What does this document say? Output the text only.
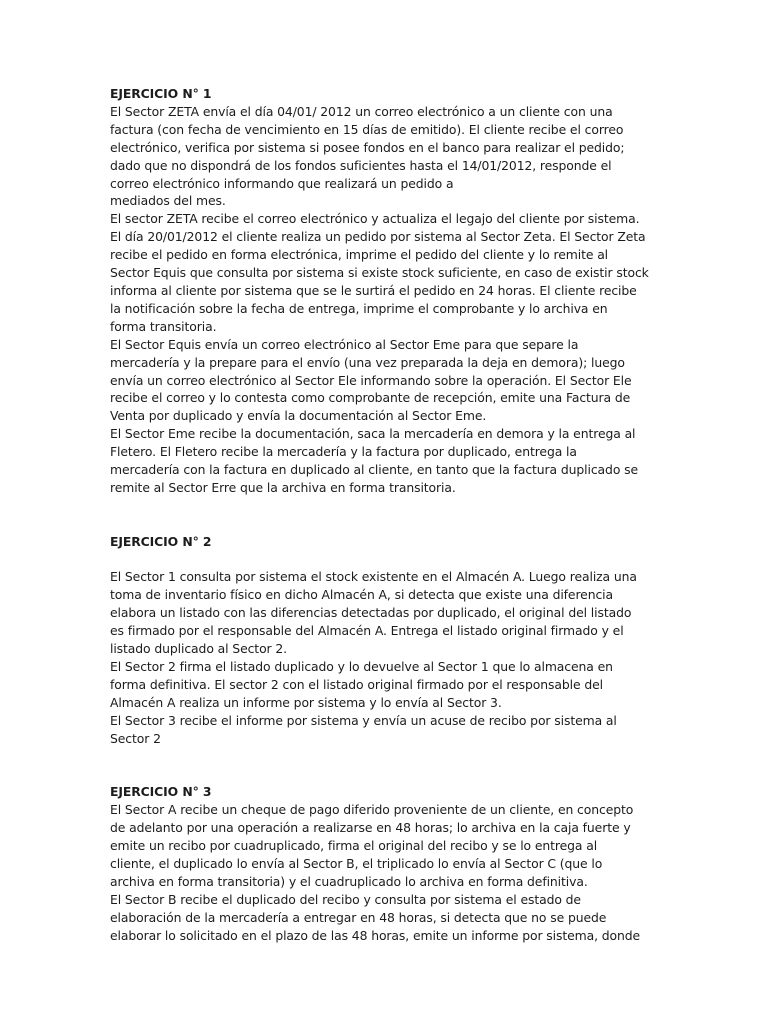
EJERCICIO N° 1

El Sector ZETA envía el día 04/01/ 2012 un correo electrónico a un cliente con una

factura (con fecha de vencimiento en 15 días de emitido). El cliente recibe el correo

electrónico, verifica por sistema si posee fondos en el banco para realizar el pedido;

dado que no dispondrá de los fondos suficientes hasta el 14/01/2012, responde el

correo electrónico informando que realizará un pedido a

mediados del mes.

El sector ZETA recibe el correo electrónico y actualiza el legajo del cliente por sistema.

El día 20/01/2012 el cliente realiza un pedido por sistema al Sector Zeta. El Sector Zeta

recibe el pedido en forma electrónica, imprime el pedido del cliente y lo remite al

Sector Equis que consulta por sistema si existe stock suficiente, en caso de existir stock

informa al cliente por sistema que se le surtirá el pedido en 24 horas. El cliente recibe

la notificación sobre la fecha de entrega, imprime el comprobante y lo archiva en

forma transitoria.

El Sector Equis envía un correo electrónico al Sector Eme para que separe la

mercadería y la prepare para el envío (una vez preparada la deja en demora); luego

envía un correo electrónico al Sector Ele informando sobre la operación. El Sector Ele

recibe el correo y lo contesta como comprobante de recepción, emite una Factura de

Venta por duplicado y envía la documentación al Sector Eme.

El Sector Eme recibe la documentación, saca la mercadería en demora y la entrega al

Fletero. El Fletero recibe la mercadería y la factura por duplicado, entrega la

mercadería con la factura en duplicado al cliente, en tanto que la factura duplicado se

remite al Sector Erre que la archiva en forma transitoria.

EJERCICIO N° 2

El Sector 1 consulta por sistema el stock existente en el Almacén A. Luego realiza una

toma de inventario físico en dicho Almacén A, si detecta que existe una diferencia

elabora un listado con las diferencias detectadas por duplicado, el original del listado

es firmado por el responsable del Almacén A. Entrega el listado original firmado y el

listado duplicado al Sector 2.

El Sector 2 firma el listado duplicado y lo devuelve al Sector 1 que lo almacena en

forma definitiva. El sector 2 con el listado original firmado por el responsable del

Almacén A realiza un informe por sistema y lo envía al Sector 3.

El Sector 3 recibe el informe por sistema y envía un acuse de recibo por sistema al

Sector 2

EJERCICIO N° 3

El Sector A recibe un cheque de pago diferido proveniente de un cliente, en concepto

de adelanto por una operación a realizarse en 48 horas; lo archiva en la caja fuerte y

emite un recibo por cuadruplicado, firma el original del recibo y se lo entrega al

cliente, el duplicado lo envía al Sector B, el triplicado lo envía al Sector C (que lo

archiva en forma transitoria) y el cuadruplicado lo archiva en forma definitiva.

El Sector B recibe el duplicado del recibo y consulta por sistema el estado de

elaboración de la mercadería a entregar en 48 horas, si detecta que no se puede

elaborar lo solicitado en el plazo de las 48 horas, emite un informe por sistema, donde
